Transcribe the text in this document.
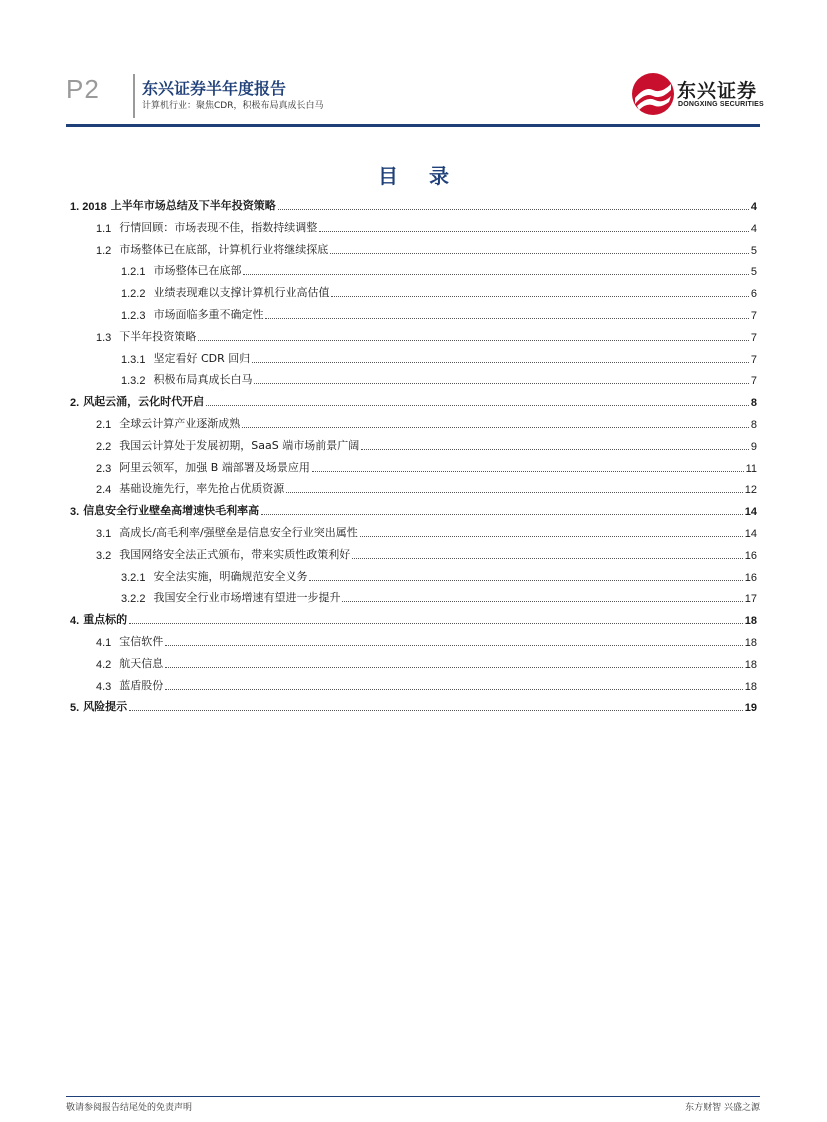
P2	东兴证券半年度报告
计算机行业：聚焦CDR，积极布局真成长白马
东兴证券
DONGXING SECURITIES
目 录
1. 2018 上半年市场总结及下半年投资策略	4
1.1 行情回顾：市场表现不佳，指数持续调整	4
1.2 市场整体已在底部，计算机行业将继续探底	5
1.2.1 市场整体已在底部	5
1.2.2 业绩表现难以支撑计算机行业高估值	6
1.2.3 市场面临多重不确定性	7
1.3 下半年投资策略	7
1.3.1 坚定看好 CDR 回归	7
1.3.2 积极布局真成长白马	7
2. 风起云涌，云化时代开启	8
2.1 全球云计算产业逐渐成熟	8
2.2 我国云计算处于发展初期，SaaS 端市场前景广阔	9
2.3 阿里云领军，加强 B 端部署及场景应用	11
2.4 基础设施先行，率先抢占优质资源	12
3. 信息安全行业壁垒高增速快毛利率高	14
3.1 高成长/高毛利率/强壁垒是信息安全行业突出属性	14
3.2 我国网络安全法正式颁布，带来实质性政策利好	16
3.2.1 安全法实施，明确规范安全义务	16
3.2.2 我国安全行业市场增速有望进一步提升	17
4. 重点标的	18
4.1 宝信软件	18
4.2 航天信息	18
4.3 蓝盾股份	18
5. 风险提示	19
敬请参阅报告结尾处的免责声明	东方财智 兴盛之源
